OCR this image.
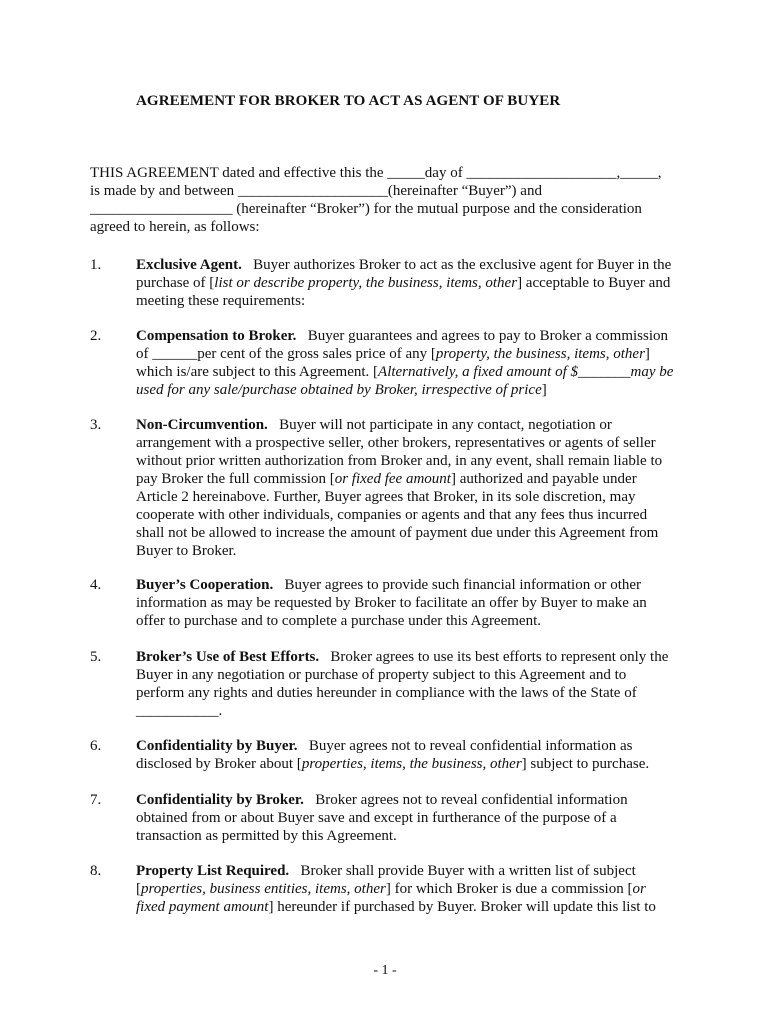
AGREEMENT FOR BROKER TO ACT AS AGENT OF BUYER
THIS AGREEMENT dated and effective this the _____day of ____________________,_____,
is made by and between ____________________(hereinafter “Buyer”) and
___________________ (hereinafter “Broker”) for the mutual purpose and the consideration
agreed to herein, as follows:
1. Exclusive Agent. Buyer authorizes Broker to act as the exclusive agent for Buyer in the
purchase of [list or describe property, the business, items, other] acceptable to Buyer and
meeting these requirements:
2. Compensation to Broker. Buyer guarantees and agrees to pay to Broker a commission
of ______per cent of the gross sales price of any [property, the business, items, other]
which is/are subject to this Agreement. [Alternatively, a fixed amount of $_______may be
used for any sale/purchase obtained by Broker, irrespective of price]
3. Non-Circumvention. Buyer will not participate in any contact, negotiation or
arrangement with a prospective seller, other brokers, representatives or agents of seller
without prior written authorization from Broker and, in any event, shall remain liable to
pay Broker the full commission [or fixed fee amount] authorized and payable under
Article 2 hereinabove. Further, Buyer agrees that Broker, in its sole discretion, may
cooperate with other individuals, companies or agents and that any fees thus incurred
shall not be allowed to increase the amount of payment due under this Agreement from
Buyer to Broker.
4. Buyer’s Cooperation. Buyer agrees to provide such financial information or other
information as may be requested by Broker to facilitate an offer by Buyer to make an
offer to purchase and to complete a purchase under this Agreement.
5. Broker’s Use of Best Efforts. Broker agrees to use its best efforts to represent only the
Buyer in any negotiation or purchase of property subject to this Agreement and to
perform any rights and duties hereunder in compliance with the laws of the State of
___________.
6. Confidentiality by Buyer. Buyer agrees not to reveal confidential information as
disclosed by Broker about [properties, items, the business, other] subject to purchase.
7. Confidentiality by Broker. Broker agrees not to reveal confidential information
obtained from or about Buyer save and except in furtherance of the purpose of a
transaction as permitted by this Agreement.
8. Property List Required. Broker shall provide Buyer with a written list of subject
[properties, business entities, items, other] for which Broker is due a commission [or
fixed payment amount] hereunder if purchased by Buyer. Broker will update this list to
- 1 -
